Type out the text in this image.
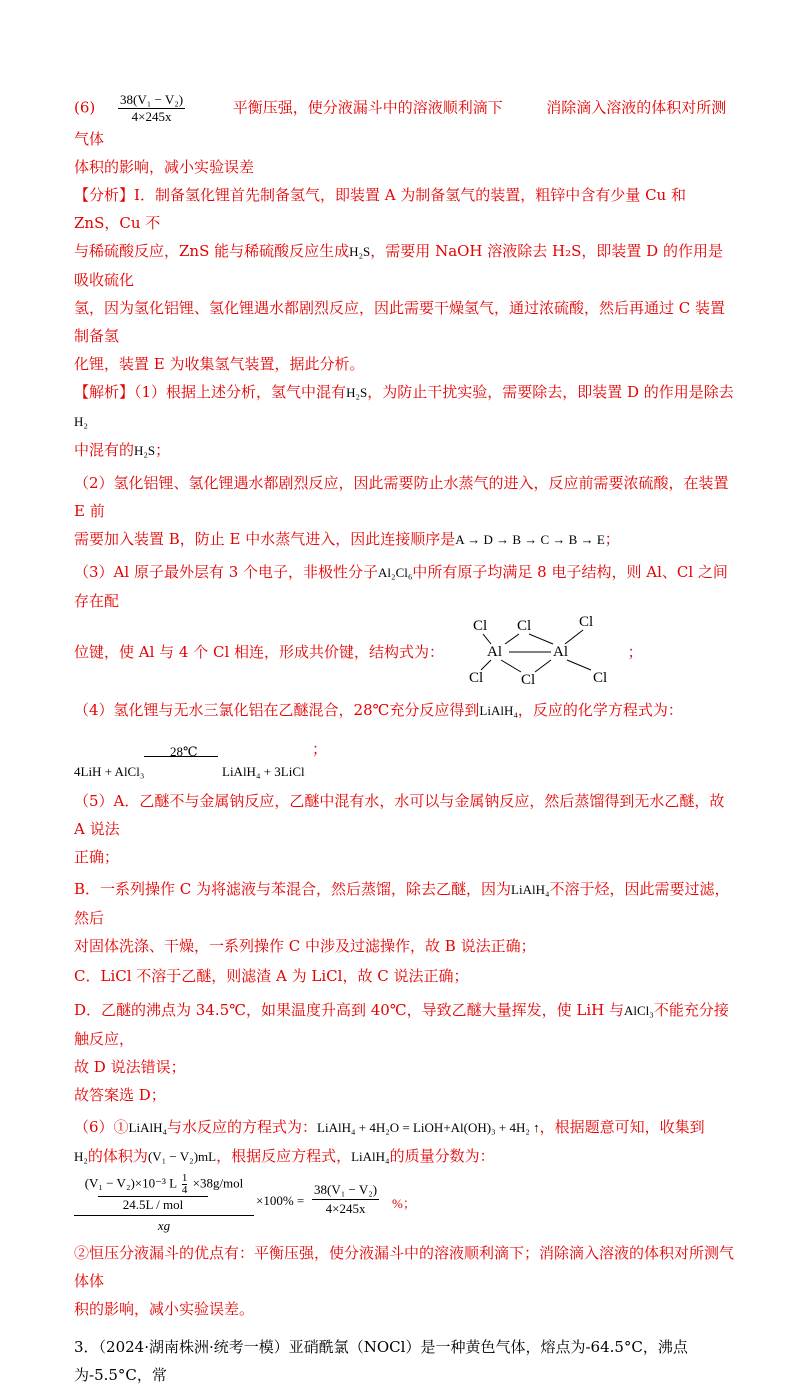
$(6) \frac{\text{38(V₁ − V₂)}}{4\times 245x}$	平衡压强，使分液漏斗中的溶液顺利滴下	消除滴入溶液的体积对所测气体

体积的影响，减小实验误差

【分析】Ⅰ．制备氢化锂首先制备氢气，即装置 A 为制备氢气的装置，粗锌中含有少量 Cu 和 ZnS，Cu 不

与稀硫酸反应，ZnS 能与稀硫酸反应生成H₂S，需要用 NaOH 溶液除去 H₂S，即装置 D 的作用是吸收硫化

氢，因为氢化铝锂、氢化锂遇水都剧烈反应，因此需要干燥氢气，通过浓硫酸，然后再通过 C 装置制备氢

化锂，装置 E 为收集氢气装置，据此分析。

【解析】（1）根据上述分析，氢气中混有H₂S，为防止干扰实验，需要除去，即装置 D 的作用是除去H₂

中混有的H₂S；

（2）氢化铝锂、氢化锂遇水都剧烈反应，因此需要防止水蒸气的进入，反应前需要浓硫酸，在装置 E 前

需要加入装置 B，防止 E 中水蒸气进入，因此连接顺序是A → D → B → C → B → E；

（3）Al 原子最外层有 3 个电子，非极性分子Al₂Cl₆中所有原子均满足 8 电子结构，则 Al、Cl 之间存在配

位键，使 Al 与 4 个 Cl 相连，形成共价键，结构式为：
Cl Cl	Cl
Al	Al
Cl	Cl	Cl
；

（4）氢化锂与无水三氯化铝在乙醚混合，28℃充分反应得到LiAlH₄，反应的化学方程式为：

4LiH + AlCl₃
28℃
LiAlH₄ + 3LiCl
；

（5）A．乙醚不与金属钠反应，乙醚中混有水，水可以与金属钠反应，然后蒸馏得到无水乙醚，故 A 说法

正确；

B．一系列操作 C 为将滤液与苯混合，然后蒸馏，除去乙醚，因为LiAlH₄不溶于烃，因此需要过滤，然后

对固体洗涤、干燥，一系列操作 C 中涉及过滤操作，故 B 说法正确；

C．LiCl 不溶于乙醚，则滤渣 A 为 LiCl，故 C 说法正确；

D．乙醚的沸点为 34.5℃，如果温度升高到 40℃，导致乙醚大量挥发，使 LiH 与AlCl₃不能充分接触反应，

故 D 说法错误；

故答案选 D；

（6）①LiAlH₄与水反应的方程式为：LiAlH₄ + 4H₂O = LiOH+Al(OH)₃ + 4H₂ ↑，根据题意可知，收集到

H₂的体积为(V₁ − V₂)mL，根据反应方程式，LiAlH₄的质量分数为：

(V₁ − V₂)×10⁻³ L $\frac{1}{4} \times 38g/mol$
24.5L / mol
xg
×100% =
38(V₁ − V₂)
4×245x	%；

②恒压分液漏斗的优点有：平衡压强，使分液漏斗中的溶液顺利滴下；消除滴入溶液的体积对所测气体体

积的影响，减小实验误差。

3．（2024·湖南株洲·统考一模）亚硝酰氯（NOCl）是一种黄色气体，熔点为-64.5°C，沸点为-5.5°C，常
